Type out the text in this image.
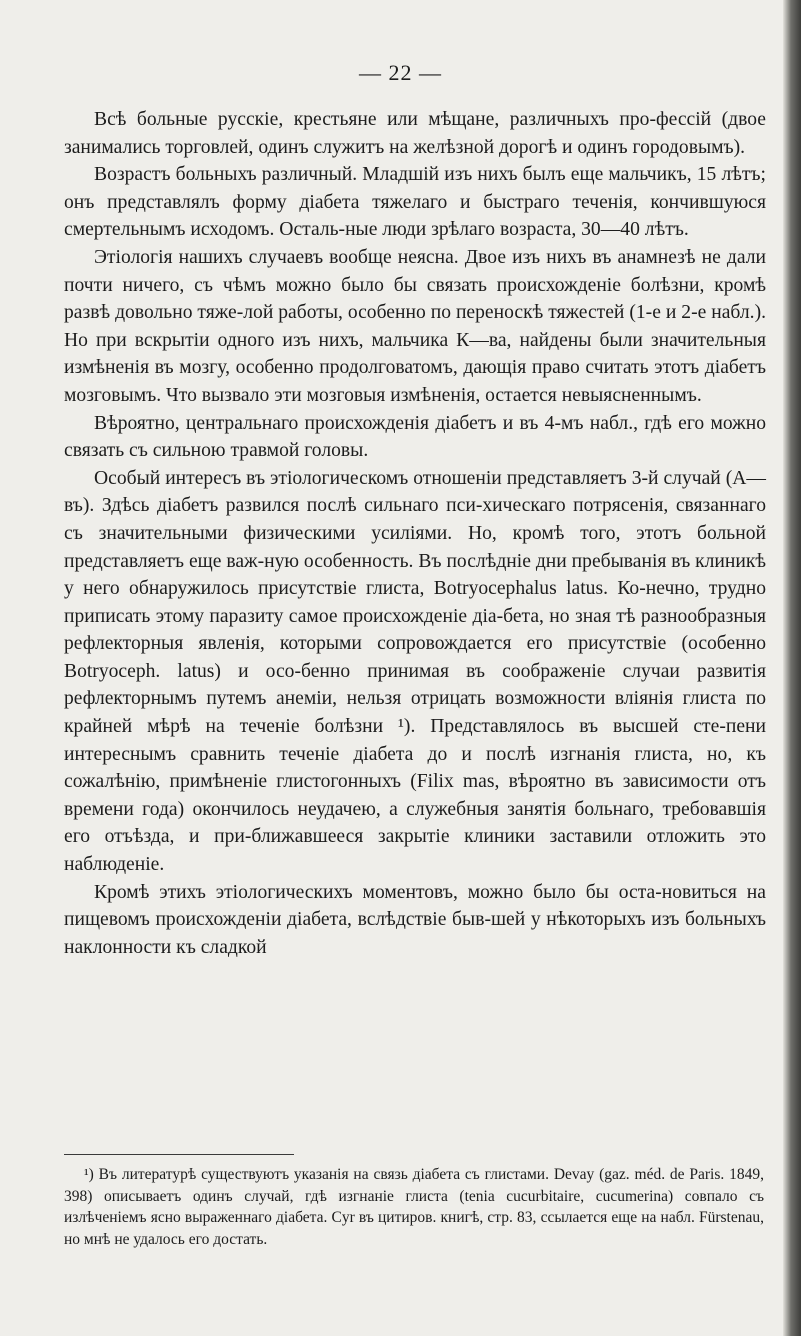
— 22 —

Всѣ больные русскіе, крестьяне или мѣщане, различныхъ про-фессій (двое занимались торговлей, одинъ служитъ на желѣзной дорогѣ и одинъ городовымъ).

Возрастъ больныхъ различный. Младшій изъ нихъ былъ еще мальчикъ, 15 лѣтъ; онъ представлялъ форму діабета тяжелаго и быстраго теченія, кончившуюся смертельнымъ исходомъ. Осталь-ные люди зрѣлаго возраста, 30—40 лѣтъ.

Этіологія нашихъ случаевъ вообще неясна. Двое изъ нихъ въ анамнезѣ не дали почти ничего, съ чѣмъ можно было бы связать происхожденіе болѣзни, кромѣ развѣ довольно тяже-лой работы, особенно по переноскѣ тяжестей (1-е и 2-е набл.). Но при вскрытіи одного изъ нихъ, мальчика К—ва, найдены были значительныя измѣненія въ мозгу, особенно продолговатомъ, дающія право считать этотъ діабетъ мозговымъ. Что вызвало эти мозговыя измѣненія, остается невыясненнымъ.

Вѣроятно, центральнаго происхожденія діабетъ и въ 4-мъ набл., гдѣ его можно связать съ сильною травмой головы.

Особый интересъ въ этіологическомъ отношеніи представляетъ 3-й случай (А—въ). Здѣсь діабетъ развился послѣ сильнаго пси-хическаго потрясенія, связаннаго съ значительными физическими усиліями. Но, кромѣ того, этотъ больной представляетъ еще важ-ную особенность. Въ послѣдніе дни пребыванія въ клиникѣ у него обнаружилось присутствіе глиста, Botryocephalus latus. Ко-нечно, трудно приписать этому паразиту самое происхожденіе діа-бета, но зная тѣ разнообразныя рефлекторныя явленія, которыми сопровождается его присутствіе (особенно Botryoceph. latus) и осо-бенно принимая въ соображеніе случаи развитія рефлекторнымъ путемъ анеміи, нельзя отрицать возможности вліянія глиста по крайней мѣрѣ на теченіе болѣзни ¹). Представлялось въ высшей сте-пени интереснымъ сравнить теченіе діабета до и послѣ изгнанія глиста, но, къ сожалѣнію, примѣненіе глистогонныхъ (Filix mas, вѣроятно въ зависимости отъ времени года) окончилось неудачею, а служебныя занятія больнаго, требовавшія его отъѣзда, и при-ближавшееся закрытіе клиники заставили отложить это наблюденіе.

Кромѣ этихъ этіологическихъ моментовъ, можно было бы оста-новиться на пищевомъ происхожденіи діабета, вслѣдствіе быв-шей у нѣкоторыхъ изъ больныхъ наклонности къ сладкой

¹) Въ литературѣ существуютъ указанія на связь діабета съ глистами. Devay (gaz. méd. de Paris. 1849, 398) описываетъ одинъ случай, гдѣ изгнаніе глиста (tenia cucurbitaire, cucumerina) совпало съ излѣченіемъ ясно выраженнаго діабета. Cyr въ цитиров. книгѣ, стр. 83, ссылается еще на набл. Fürstenau, но мнѣ не удалось его достать.
